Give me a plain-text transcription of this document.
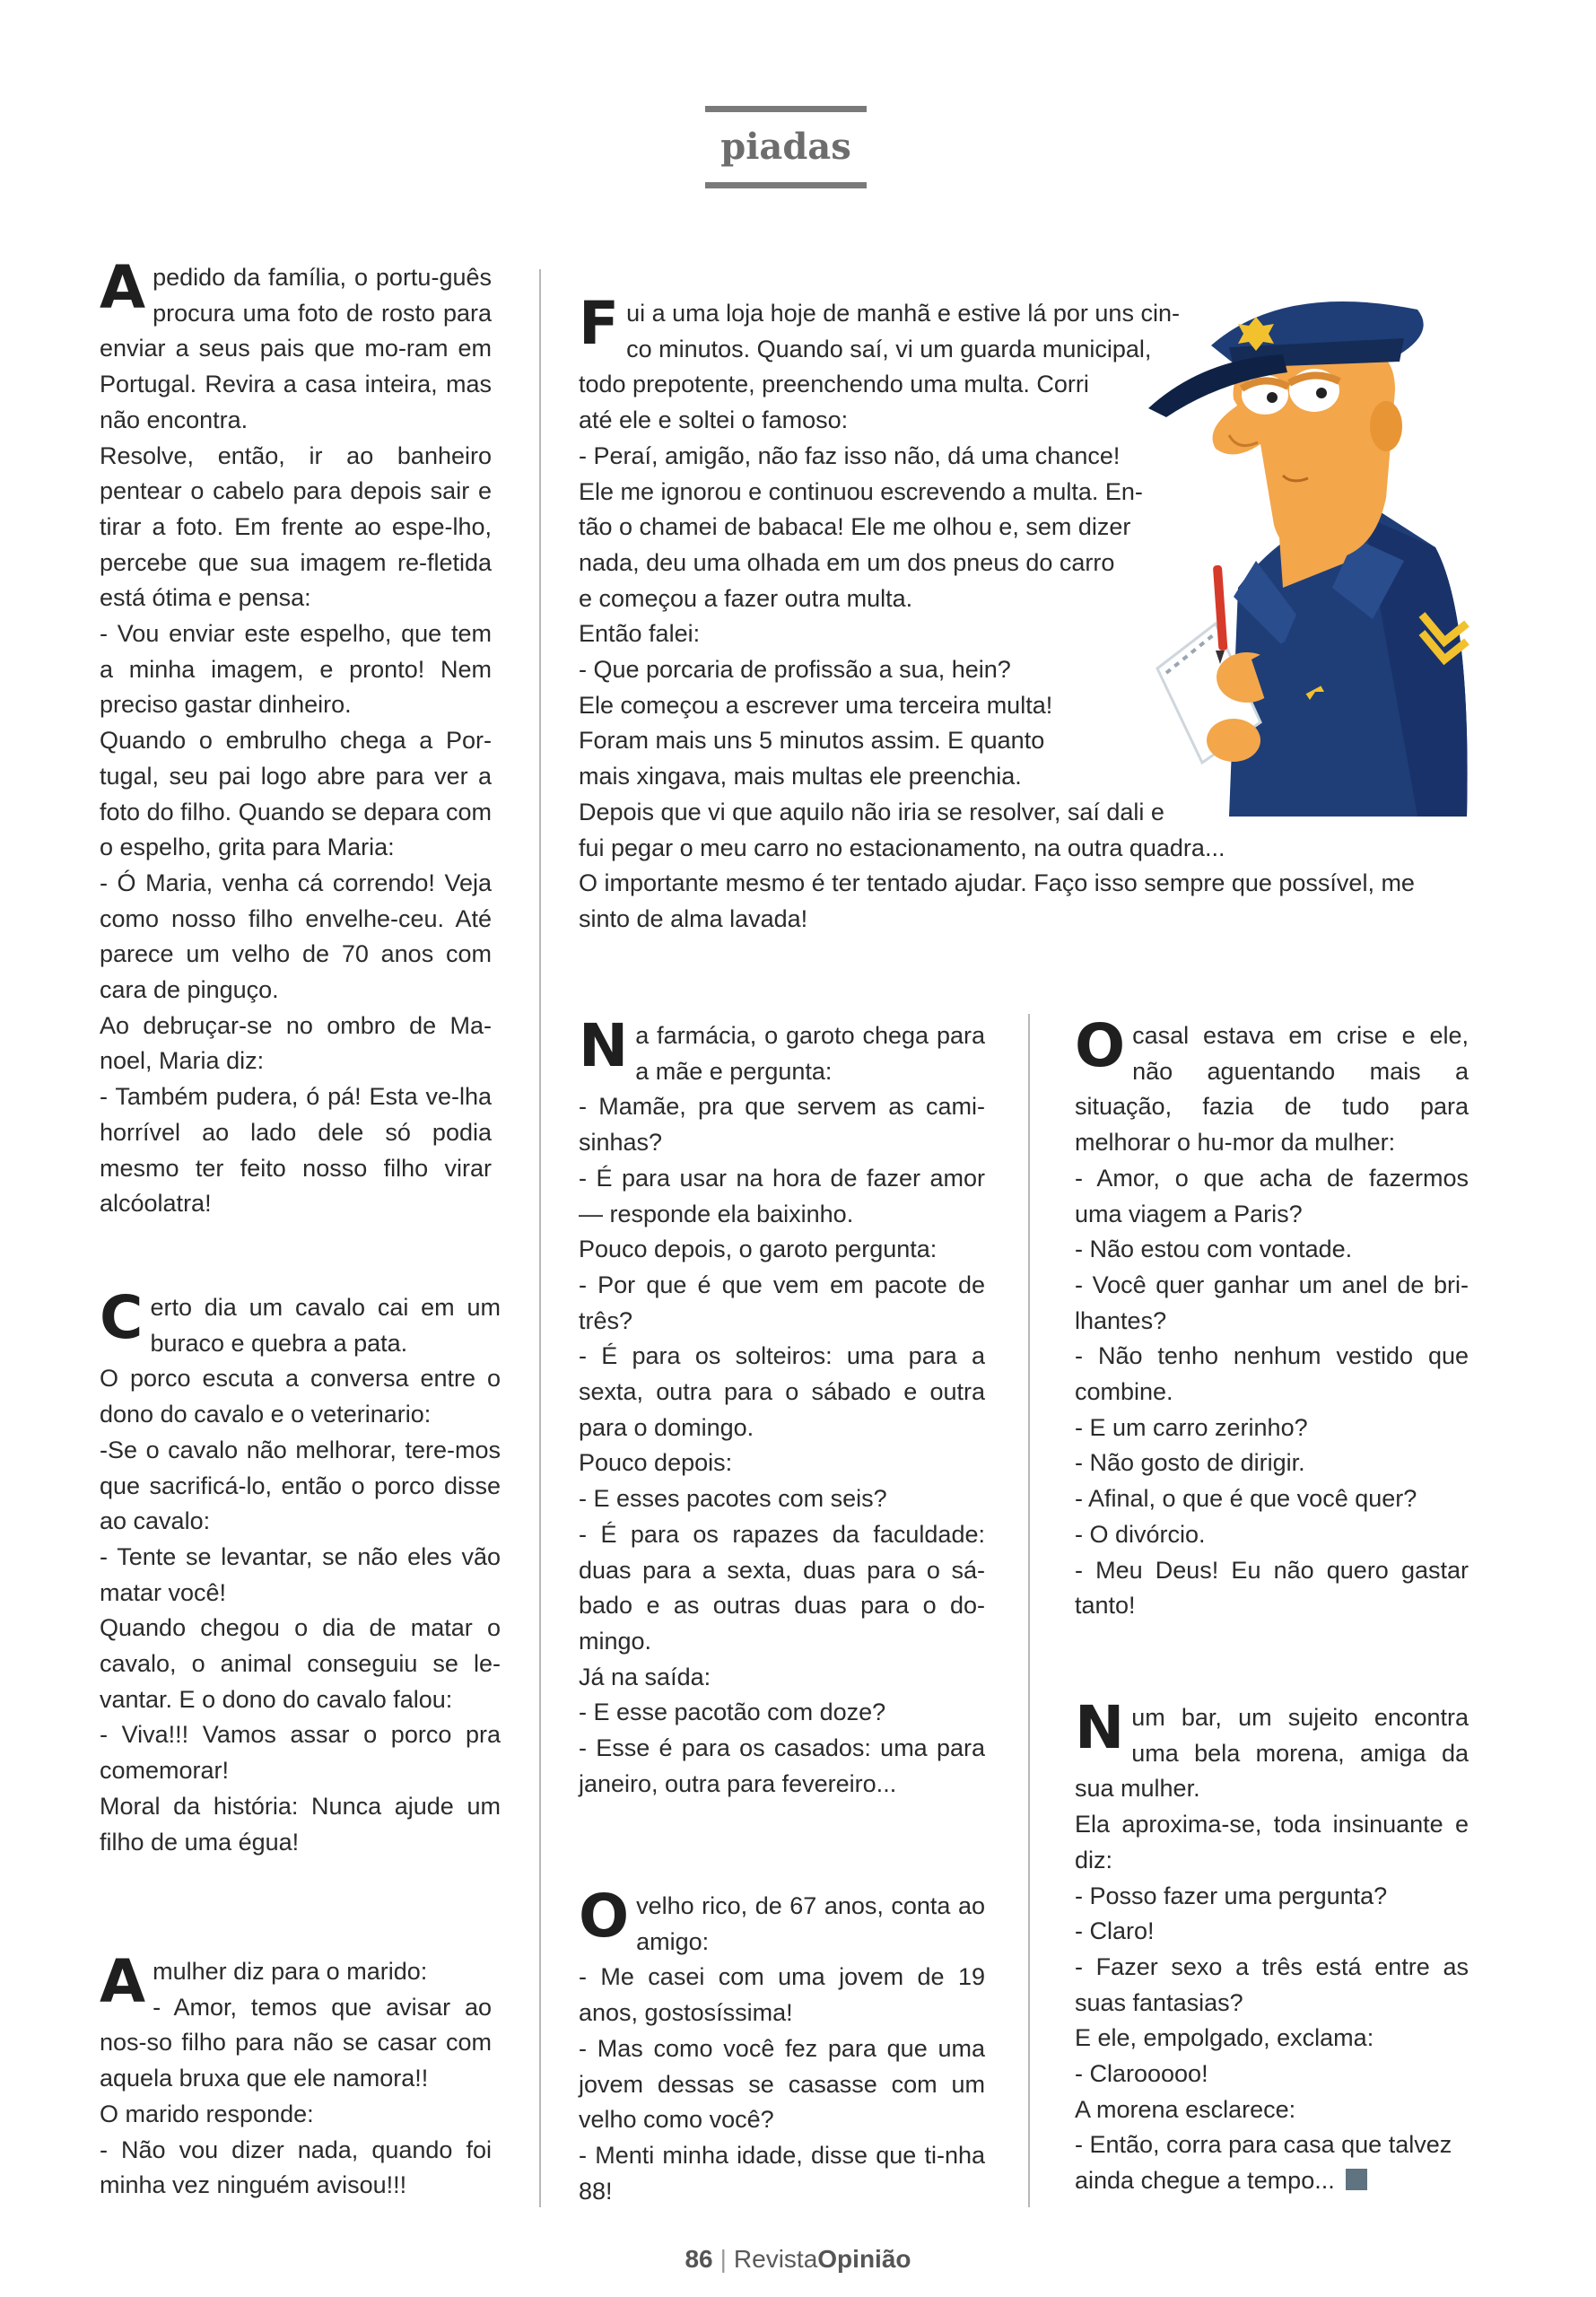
piadas
A pedido da família, o portu-guês procura uma foto de rosto para enviar a seus pais que mo-ram em Portugal. Revira a casa inteira, mas não encontra.

Resolve, então, ir ao banheiro pentear o cabelo para depois sair e tirar a foto. Em frente ao espe-lho, percebe que sua imagem re-fletida está ótima e pensa:

- Vou enviar este espelho, que tem a minha imagem, e pronto! Nem preciso gastar dinheiro.

Quando o embrulho chega a Por-tugal, seu pai logo abre para ver a foto do filho. Quando se depara com o espelho, grita para Maria:

- Ó Maria, venha cá correndo! Veja como nosso filho envelhe-ceu. Até parece um velho de 70 anos com cara de pinguço.

Ao debruçar-se no ombro de Ma-noel, Maria diz:

- Também pudera, ó pá! Esta ve-lha horrível ao lado dele só podia mesmo ter feito nosso filho virar alcóolatra!

C erto dia um cavalo cai em um buraco e quebra a pata.

O porco escuta a conversa entre o dono do cavalo e o veterinario:

-Se o cavalo não melhorar, tere-mos que sacrificá-lo, então o porco disse ao cavalo:

- Tente se levantar, se não eles vão matar você!

Quando chegou o dia de matar o cavalo, o animal conseguiu se le-vantar. E o dono do cavalo falou:

- Viva!!! Vamos assar o porco pra comemorar!

Moral da história: Nunca ajude um filho de uma égua!

A mulher diz para o marido:

- Amor, temos que avisar ao nos-so filho para não se casar com aquela bruxa que ele namora!!

O marido responde:

- Não vou dizer nada, quando foi minha vez ninguém avisou!!!

F ui a uma loja hoje de manhã e estive lá por uns cin-

co minutos. Quando saí, vi um guarda municipal,

todo prepotente, preenchendo uma multa. Corri

até ele e soltei o famoso:

- Peraí, amigão, não faz isso não, dá uma chance!

Ele me ignorou e continuou escrevendo a multa. En-

tão o chamei de babaca! Ele me olhou e, sem dizer

nada, deu uma olhada em um dos pneus do carro

e começou a fazer outra multa.

Então falei:

- Que porcaria de profissão a sua, hein?

Ele começou a escrever uma terceira multa!

Foram mais uns 5 minutos assim. E quanto

mais xingava, mais multas ele preenchia.

Depois que vi que aquilo não iria se resolver, saí dali e

fui pegar o meu carro no estacionamento, na outra quadra...

O importante mesmo é ter tentado ajudar. Faço isso sempre que possível, me

sinto de alma lavada!

N a farmácia, o garoto chega para a mãe e pergunta:

- Mamãe, pra que servem as cami-sinhas?

- É para usar na hora de fazer amor — responde ela baixinho.

Pouco depois, o garoto pergunta:

- Por que é que vem em pacote de três?

- É para os solteiros: uma para a sexta, outra para o sábado e outra para o domingo.

Pouco depois:

- E esses pacotes com seis?

- É para os rapazes da faculdade: duas para a sexta, duas para o sá-bado e as outras duas para o do-mingo.

Já na saída:

- E esse pacotão com doze?

- Esse é para os casados: uma para janeiro, outra para fevereiro...

O velho rico, de 67 anos, conta ao amigo:

- Me casei com uma jovem de 19 anos, gostosíssima!

- Mas como você fez para que uma jovem dessas se casasse com um velho como você?

- Menti minha idade, disse que ti-nha 88!

O casal estava em crise e ele, não aguentando mais a situação, fazia de tudo para melhorar o hu-mor da mulher:

- Amor, o que acha de fazermos uma viagem a Paris?

- Não estou com vontade.

- Você quer ganhar um anel de bri-lhantes?

- Não tenho nenhum vestido que combine.

- E um carro zerinho?

- Não gosto de dirigir.

- Afinal, o que é que você quer?

- O divórcio.

- Meu Deus! Eu não quero gastar tanto!

N um bar, um sujeito encontra uma bela morena, amiga da sua mulher.

Ela aproxima-se, toda insinuante e diz:

- Posso fazer uma pergunta?

- Claro!

- Fazer sexo a três está entre as suas fantasias?

E ele, empolgado, exclama:

- Clarooooo!

A morena esclarece:

- Então, corra para casa que talvez ainda chegue a tempo...

86 | RevistaOpinião
